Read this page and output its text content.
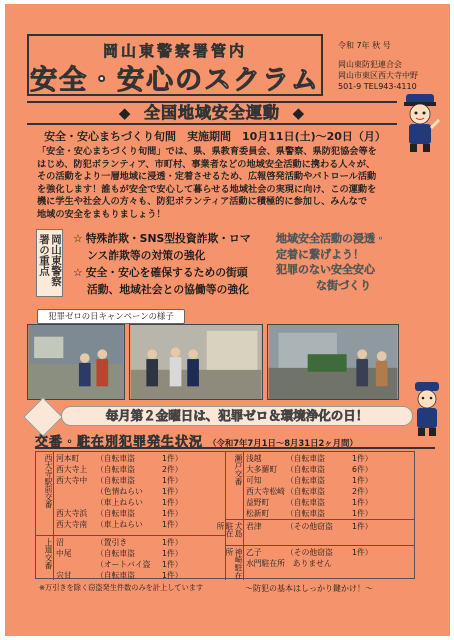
岡山東警察署管内
安全・安心のスクラム
令和 7年 秋 号
岡山東防犯連合会
岡山市東区西大寺中野
501-9 TEL943-4110
◆ 全国地域安全運動 ◆
安全・安心まちづくり旬間　実施期間　10月11日(土)〜20日（月）
「安全・安心まちづくり旬間」では、県、県教育委員会、県警察、県防犯協会等を
はじめ、防犯ボランティア、市町村、事業者などの地域安全活動に携わる人々が、
その活動をより一層地域に浸透・定着させるため、広報啓発活動やパトロール活動
を強化します！誰もが安全で安心して暮らせる地域社会の実現に向け、この運動を
機に学生や社会人の方々も、防犯ボランティア活動に積極的に参加し、みんなで
地域の安全をまもりましょう！
岡山東警察署の重点	☆ 特殊詐欺・SNS型投資詐欺・ロマ
ンス詐欺等の対策の強化
☆ 安全・安心を確保するための街頭
活動、地域社会との協働等の強化
地域安全活動の浸透・
定着に繋げよう！
犯罪のない安全安心
な街づくり
犯罪ゼロの日キャンペーンの様子
毎月第２金曜日は、犯罪ゼロ＆環境浄化の日！
交番・駐在別犯罪発生状況 （令和7年7月1日〜8月31日2ヶ月間）
西大寺駅前交番 河本町 （自転車盗	1件）
西大寺上 （自転車盗	2件）
西大寺中 （自転車盗	1件）
（色情ねらい 1件）
（車上ねらい 1件）
西大寺浜 （自転車盗	1件）
西大寺南 （車上ねらい 1件）
上道交番 沼	（置引き	1件）
中尾	（自転車盗	1件）
（オートバイ盗 1件）
宍甘	（自転車盗	1件）
瀬戸交番 浅越	（自転車盗	1件）
大多羅町 （自転車盗	6件）
可知	（自転車盗	1件）
西大寺松崎（自転車盗	2件）
益野町 （自転車盗	1件）
松新町 （自転車盗	1件）
犬島駐在所	君津	（その他窃盗 1件）
神崎駐在所	乙子	（その他窃盗 1件）
水門駐在所　ありません
※万引きを除く窃盗発生件数のみを計上しています	〜防犯の基本はしっかり鍵かけ！〜
